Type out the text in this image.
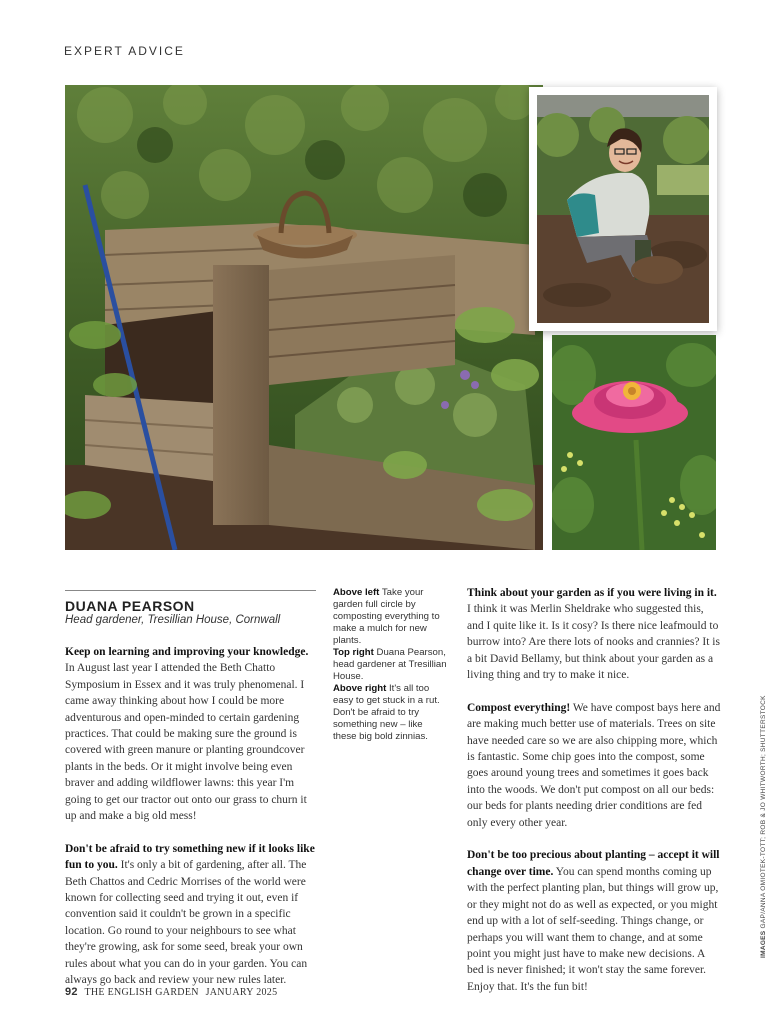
EXPERT ADVICE
DUANA PEARSON

Head gardener, Tresillian House, Cornwall

Keep on learning and improving your knowledge. In August last year I attended the Beth Chatto Symposium in Essex and it was truly phenomenal. I came away thinking about how I could be more adventurous and open-minded to certain gardening practices. That could be making sure the ground is covered with green manure or planting groundcover plants in the beds. Or it might involve being even braver and adding wildflower lawns: this year I'm going to get our tractor out onto our grass to churn it up and make a big old mess!

Don't be afraid to try something new if it looks like fun to you. It's only a bit of gardening, after all. The Beth Chattos and Cedric Morrises of the world were known for collecting seed and trying it out, even if convention said it couldn't be grown in a specific location. Go round to your neighbours to see what they're growing, ask for some seed, break your own rules about what you can do in your garden. You can always go back and review your new rules later.

Above left Take your garden full circle by composting everything to make a mulch for new plants.

Top right Duana Pearson, head gardener at Tresillian House.

Above right It's all too easy to get stuck in a rut. Don't be afraid to try something new – like these big bold zinnias.

Think about your garden as if you were living in it. I think it was Merlin Sheldrake who suggested this, and I quite like it. Is it cosy? Is there nice leafmould to burrow into? Are there lots of nooks and crannies? It is a bit David Bellamy, but think about your garden as a living thing and try to make it nice.

Compost everything! We have compost bays here and are making much better use of materials. Trees on site have needed care so we are also chipping more, which is fantastic. Some chip goes into the compost, some goes around young trees and sometimes it goes back into the woods. We don't put compost on all our beds: our beds for plants needing drier conditions are fed only every other year.

Don't be too precious about planting – accept it will change over time. You can spend months coming up with the perfect planting plan, but things will grow up, or they might not do as well as expected, or you might end up with a lot of self-seeding. Things change, or perhaps you will want them to change, and at some point you might just have to make new decisions. A bed is never finished; it won't stay the same forever. Enjoy that. It's the fun bit!

IMAGES GAP/ANNA OMIOTEK-TOTT; ROB & JO WHITWORTH; SHUTTERSTOCK
92 THE ENGLISH GARDEN JANUARY 2025
